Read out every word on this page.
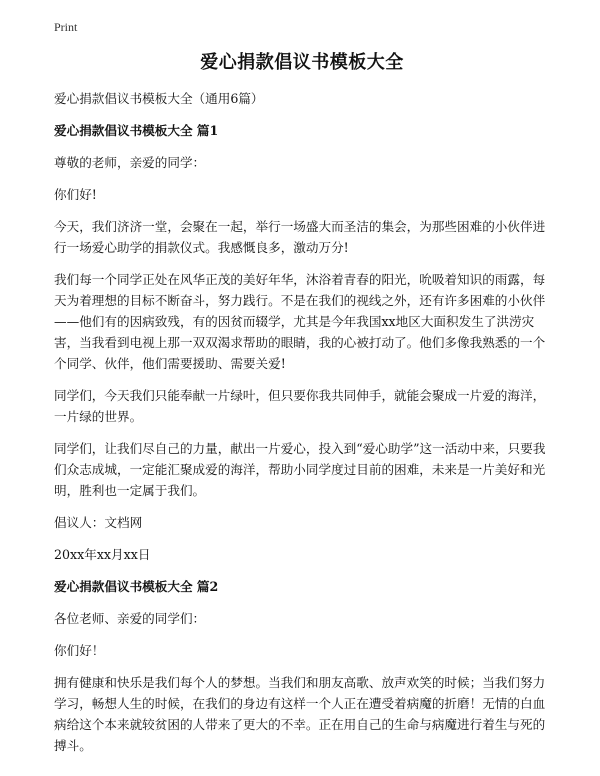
Print
爱心捐款倡议书模板大全
爱心捐款倡议书模板大全（通用6篇）
爱心捐款倡议书模板大全 篇1
尊敬的老师，亲爱的同学：
你们好!
今天，我们济济一堂，会聚在一起，举行一场盛大而圣洁的集会，为那些困难的小伙伴进行一场爱心助学的捐款仪式。我感慨良多，激动万分!
我们每一个同学正处在风华正茂的美好年华，沐浴着青春的阳光，吮吸着知识的雨露，每天为着理想的目标不断奋斗，努力践行。不是在我们的视线之外，还有许多困难的小伙伴——他们有的因病致残，有的因贫而辍学，尤其是今年我国xx地区大面积发生了洪涝灾害，当我看到电视上那一双双渴求帮助的眼睛，我的心被打动了。他们多像我熟悉的一个个同学、伙伴，他们需要援助、需要关爱!
同学们，今天我们只能奉献一片绿叶，但只要你我共同伸手，就能会聚成一片爱的海洋，一片绿的世界。
同学们，让我们尽自己的力量，献出一片爱心，投入到“爱心助学”这一活动中来，只要我们众志成城，一定能汇聚成爱的海洋，帮助小同学度过目前的困难，未来是一片美好和光明，胜利也一定属于我们。
倡议人：文档网
20xx年xx月xx日
爱心捐款倡议书模板大全 篇2
各位老师、亲爱的同学们：
你们好！
拥有健康和快乐是我们每个人的梦想。当我们和朋友高歌、放声欢笑的时候；当我们努力学习，畅想人生的时候，在我们的身边有这样一个人正在遭受着病魔的折磨！无情的白血病给这个本来就较贫困的人带来了更大的不幸。正在用自己的生命与病魔进行着生与死的搏斗。
